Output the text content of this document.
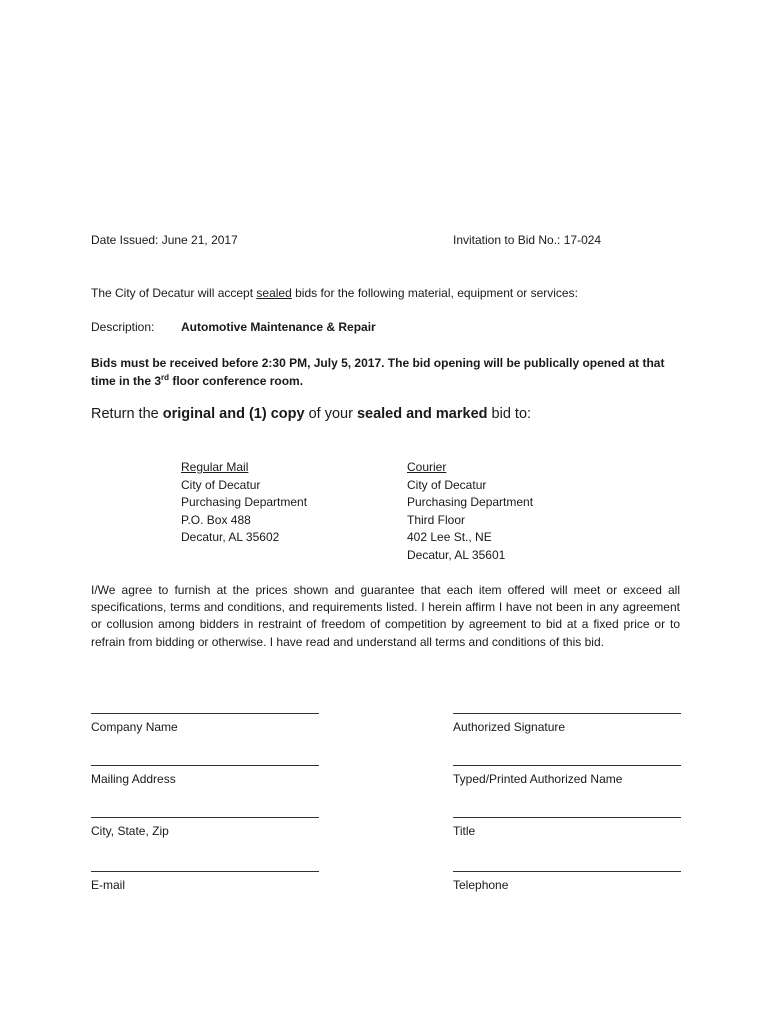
Date Issued: June 21, 2017	Invitation to Bid No.: 17-024
The City of Decatur will accept sealed bids for the following material, equipment or services:
Description: Automotive Maintenance & Repair
Bids must be received before 2:30 PM, July 5, 2017. The bid opening will be publically opened at that time in the 3rd floor conference room.
Return the original and (1) copy of your sealed and marked bid to:
Regular Mail
City of Decatur
Purchasing Department
P.O. Box 488
Decatur, AL 35602
Courier
City of Decatur
Purchasing Department
Third Floor
402 Lee St., NE
Decatur, AL 35601
I/We agree to furnish at the prices shown and guarantee that each item offered will meet or exceed all specifications, terms and conditions, and requirements listed. I herein affirm I have not been in any agreement or collusion among bidders in restraint of freedom of competition by agreement to bid at a fixed price or to refrain from bidding or otherwise. I have read and understand all terms and conditions of this bid.
Company Name	Authorized Signature
Mailing Address	Typed/Printed Authorized Name
City, State, Zip	Title
E-mail	Telephone
